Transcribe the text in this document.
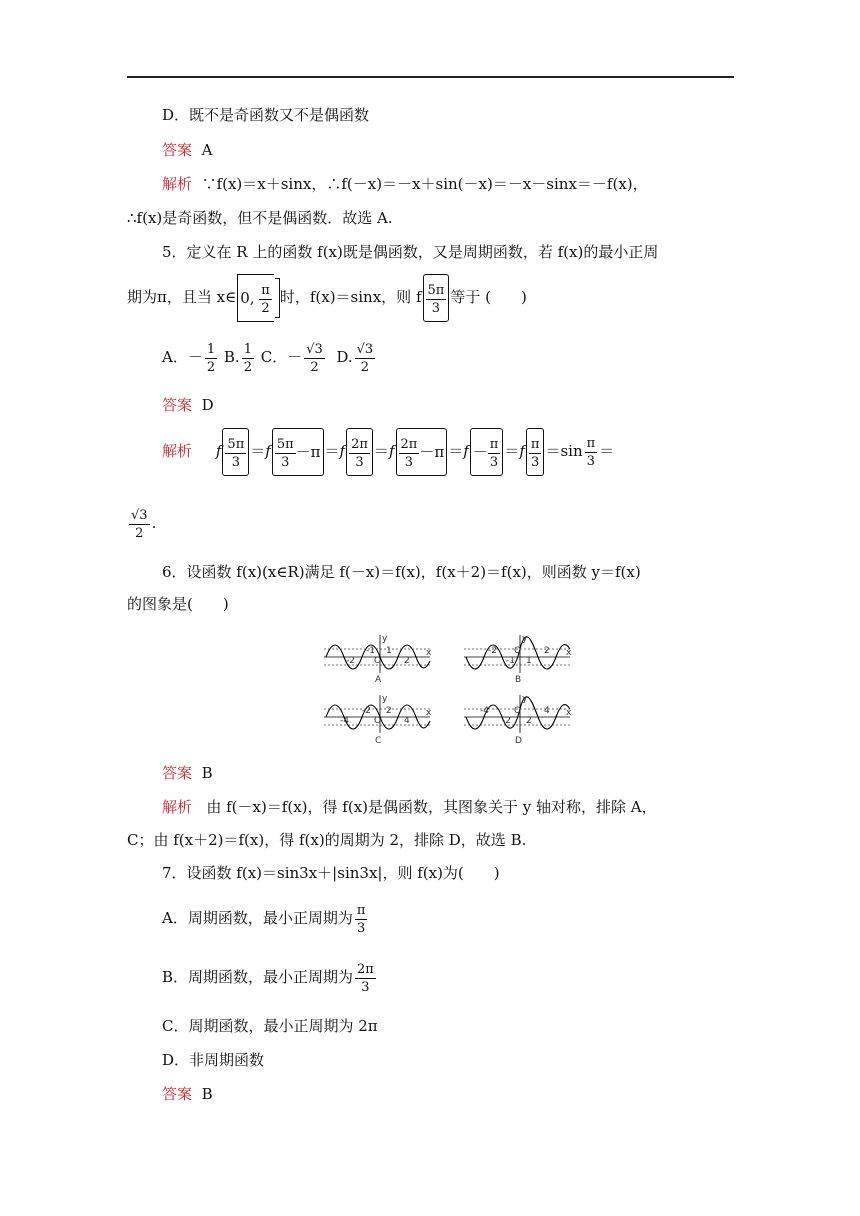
D．既不是奇函数又不是偶函数
答案 A
解析 ∵f(x)＝x＋sinx，∴f(－x)＝－x＋sin(－x)＝－x－sinx＝－f(x)，
∴f(x)是奇函数，但不是偶函数．故选 A.
5．定义在 R 上的函数 f(x)既是偶函数，又是周期函数，若 f(x)的最小正周
期为π，且当 x∈ 0, $\frac{\pi}{2}$ 时，f(x)＝sinx，则 f $\frac{5\pi}{3}$ 等于 (　　)
A．－ $\frac{1}{2} B$. $\frac{1}{2}$ C．－ $\frac{√3}{2} D$. $\frac{√3}{2}$
答案 D
解析 f $\frac{5\pi}{3} =f \frac{5\pi}{3} -\pi =f \frac{2\pi}{3} =f \frac{2\pi}{3} -\pi =f - \frac{\pi}{3} =f \frac{\pi}{3} =\sin \frac{\pi}{3}$ ＝
$\frac{√3}{2}$ .
6．设函数 f(x)(x∈R)满足 f(－x)＝f(x)，f(x＋2)＝f(x)，则函数 y＝f(x)
的图象是(　　)
-2
-1
O
1
2
x
y
A
-2
-1
O
1
2 x
y
B
-4
-2
O
2
4
x
y
C
-4
-2
O
2
4 x
y
D
答案 B
解析 由 f(－x)＝f(x)，得 f(x)是偶函数，其图象关于 y 轴对称，排除 A，
C；由 f(x＋2)＝f(x)，得 f(x)的周期为 2，排除 D，故选 B.
7．设函数 f(x)＝sin3x＋|sin3x|，则 f(x)为(　　)
A．周期函数，最小正周期为 $\frac{\pi}{3}$
B．周期函数，最小正周期为 $\frac{2\pi}{3}$
C．周期函数，最小正周期为 2π
D．非周期函数
答案 B
